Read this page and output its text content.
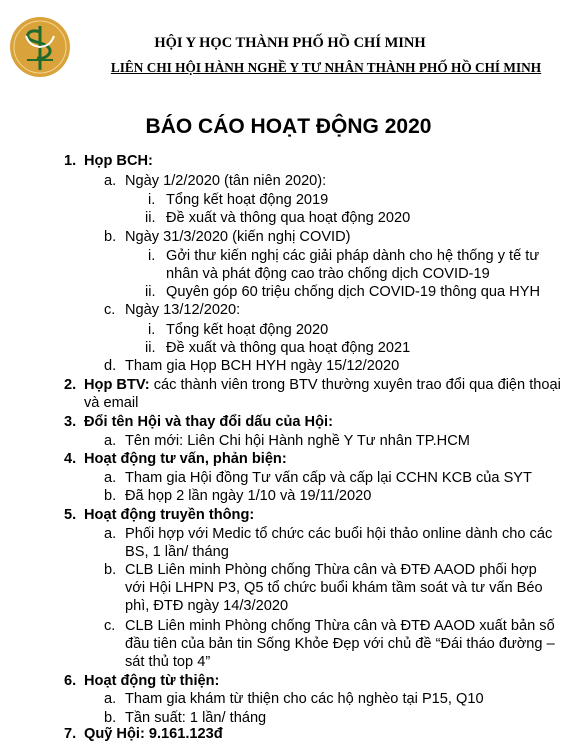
HỘI Y HỌC THÀNH PHỐ HỒ CHÍ MINH
LIÊN CHI HỘI HÀNH NGHỀ Y TƯ NHÂN THÀNH PHỐ HỒ CHÍ MINH
BÁO CÁO HOẠT ĐỘNG 2020
1. Họp BCH:
a. Ngày 1/2/2020 (tân niên 2020):
i. Tổng kết hoạt động 2019
ii. Đề xuất và thông qua hoạt động 2020
b. Ngày 31/3/2020 (kiến nghị COVID)
i. Gởi thư kiến nghị các giải pháp dành cho hệ thống y tế tư
nhân và phát động cao trào chống dịch COVID-19
ii. Quyên góp 60 triệu chống dịch COVID-19 thông qua HYH
c. Ngày 13/12/2020:
i. Tổng kết hoạt động 2020
ii. Đề xuất và thông qua hoạt động 2021
d. Tham gia Họp BCH HYH ngày 15/12/2020
2. Họp BTV: các thành viên trong BTV thường xuyên trao đổi qua điện thoại
và email
3. Đổi tên Hội và thay đổi dấu của Hội:
a. Tên mới: Liên Chi hội Hành nghề Y Tư nhân TP.HCM
4. Hoạt động tư vấn, phản biện:
a. Tham gia Hội đồng Tư vấn cấp và cấp lại CCHN KCB của SYT
b. Đã họp 2 lần ngày 1/10 và 19/11/2020
5. Hoạt động truyền thông:
a. Phối hợp với Medic tổ chức các buổi hội thảo online dành cho các
BS, 1 lần/ tháng
b. CLB Liên minh Phòng chống Thừa cân và ĐTĐ AAOD phối hợp
với Hội LHPN P3, Q5 tổ chức buổi khám tầm soát và tư vấn Béo
phì, ĐTĐ ngày 14/3/2020
c. CLB Liên minh Phòng chống Thừa cân và ĐTĐ AAOD xuất bản số
đầu tiên của bản tin Sống Khỏe Đẹp với chủ đề “Đái tháo đường –
sát thủ top 4”
6. Hoạt động từ thiện:
a. Tham gia khám từ thiện cho các hộ nghèo tại P15, Q10
b. Tần suất: 1 lần/ tháng
7. Quỹ Hội: 9.161.123đ
